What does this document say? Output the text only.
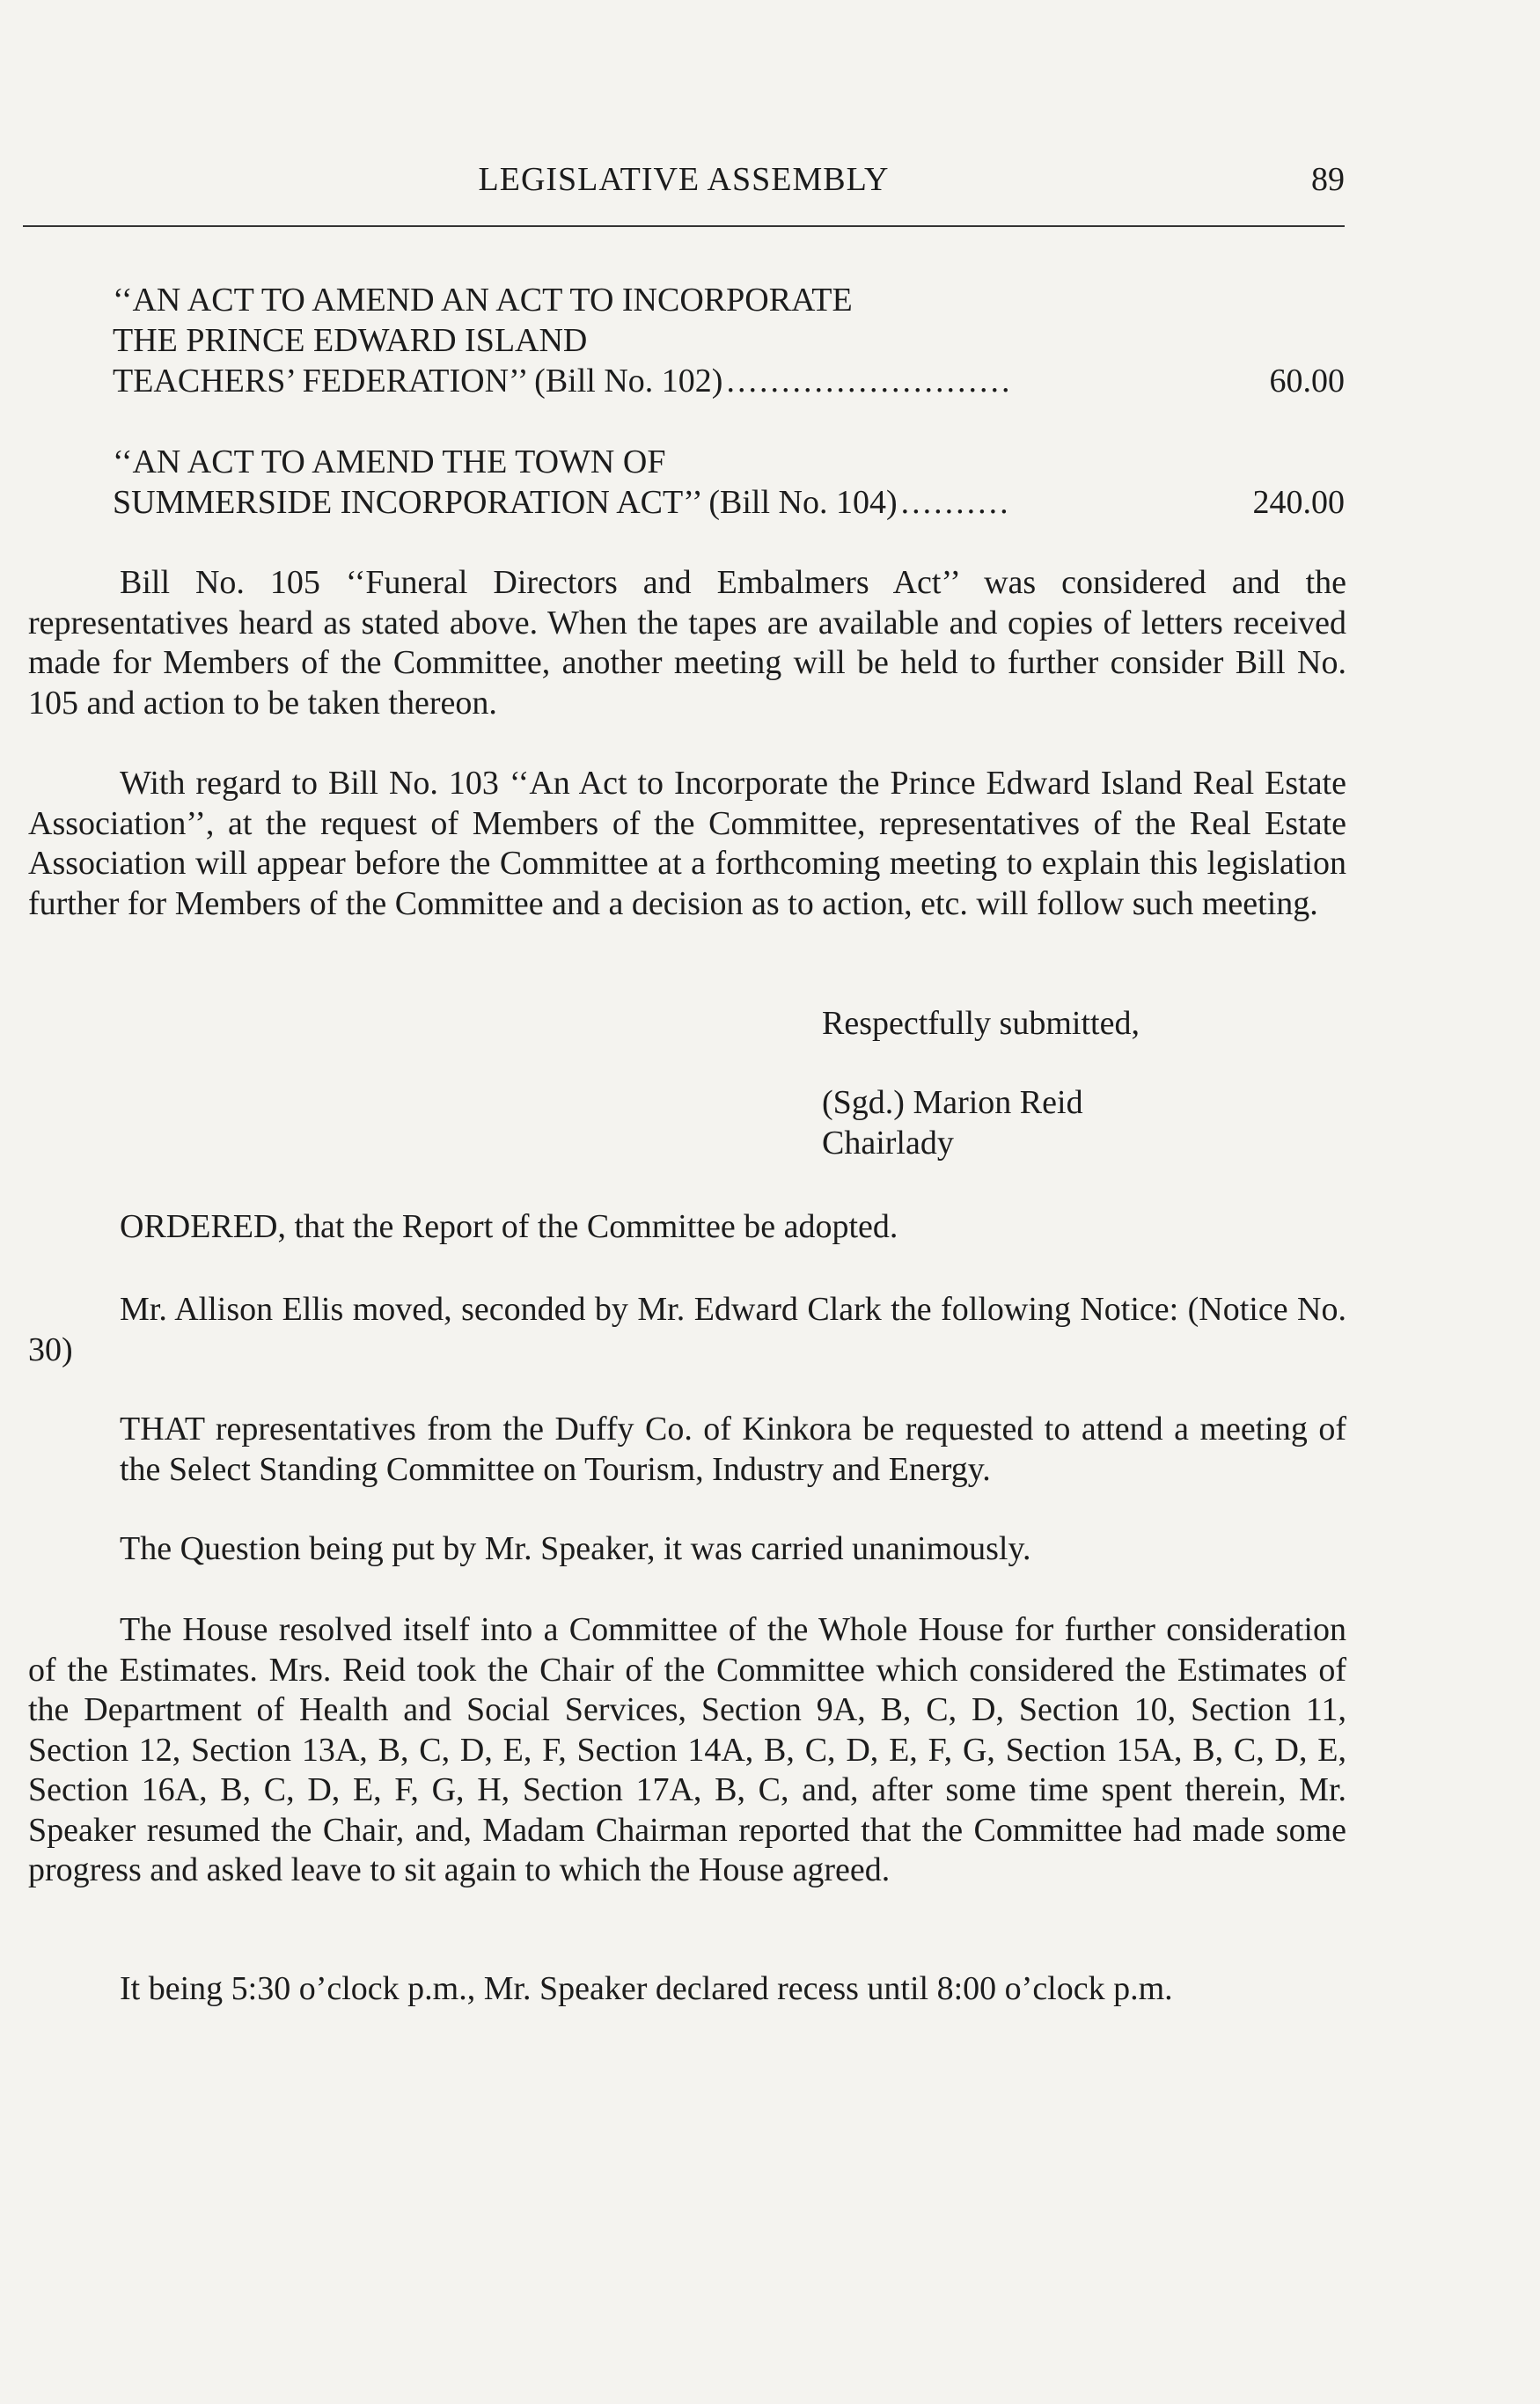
LEGISLATIVE ASSEMBLY	89
‘‘AN ACT TO AMEND AN ACT TO INCORPORATE
THE PRINCE EDWARD ISLAND
TEACHERS’ FEDERATION’’ (Bill No. 102) ..........................	60.00
‘‘AN ACT TO AMEND THE TOWN OF
SUMMERSIDE INCORPORATION ACT’’ (Bill No. 104) ..........	240.00
Bill No. 105 ‘‘Funeral Directors and Embalmers Act’’ was considered and the representatives heard as stated above. When the tapes are available and copies of letters received made for Members of the Committee, another meeting will be held to further consider Bill No. 105 and action to be taken thereon.
With regard to Bill No. 103 ‘‘An Act to Incorporate the Prince Edward Island Real Estate Association’’, at the request of Members of the Committee, representatives of the Real Estate Association will appear before the Committee at a forthcoming meeting to explain this legislation further for Members of the Committee and a decision as to action, etc. will follow such meeting.
Respectfully submitted,
(Sgd.) Marion Reid
Chairlady
ORDERED, that the Report of the Committee be adopted.
Mr. Allison Ellis moved, seconded by Mr. Edward Clark the following Notice: (Notice No. 30)
THAT representatives from the Duffy Co. of Kinkora be requested to attend a meeting of the Select Standing Committee on Tourism, Industry and Energy.
The Question being put by Mr. Speaker, it was carried unanimously.
The House resolved itself into a Committee of the Whole House for further consideration of the Estimates. Mrs. Reid took the Chair of the Committee which considered the Estimates of the Department of Health and Social Services, Section 9A, B, C, D, Section 10, Section 11, Section 12, Section 13A, B, C, D, E, F, Section 14A, B, C, D, E, F, G, Section 15A, B, C, D, E, Section 16A, B, C, D, E, F, G, H, Section 17A, B, C, and, after some time spent therein, Mr. Speaker resumed the Chair, and, Madam Chairman reported that the Committee had made some progress and asked leave to sit again to which the House agreed.
It being 5:30 o’clock p.m., Mr. Speaker declared recess until 8:00 o’clock p.m.
